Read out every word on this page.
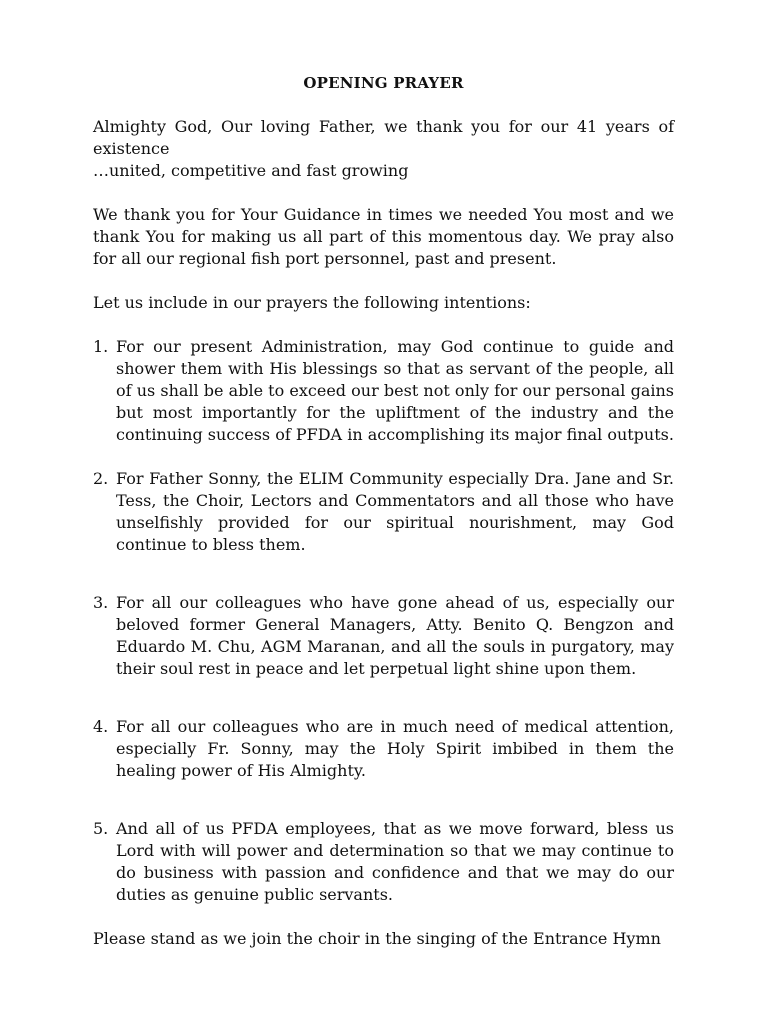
OPENING PRAYER

Almighty God, Our loving Father, we thank you for our 41 years of existence

…united, competitive and fast growing

We thank you for Your Guidance in times we needed You most and we thank You for making us all part of this momentous day. We pray also for all our regional fish port personnel, past and present.

Let us include in our prayers the following intentions:

1. For our present Administration, may God continue to guide and shower them with His blessings so that as servant of the people, all of us shall be able to exceed our best not only for our personal gains but most importantly for the upliftment of the industry and the continuing success of PFDA in accomplishing its major final outputs.
2. For Father Sonny, the ELIM Community especially Dra. Jane and Sr. Tess, the Choir, Lectors and Commentators and all those who have unselfishly provided for our spiritual nourishment, may God continue to bless them.
3. For all our colleagues who have gone ahead of us, especially our beloved former General Managers, Atty. Benito Q. Bengzon and Eduardo M. Chu, AGM Maranan, and all the souls in purgatory, may their soul rest in peace and let perpetual light shine upon them.
4. For all our colleagues who are in much need of medical attention, especially Fr. Sonny, may the Holy Spirit imbibed in them the healing power of His Almighty.
5. And all of us PFDA employees, that as we move forward, bless us Lord with will power and determination so that we may continue to do business with passion and confidence and that we may do our duties as genuine public servants.

Please stand as we join the choir in the singing of the Entrance Hymn
